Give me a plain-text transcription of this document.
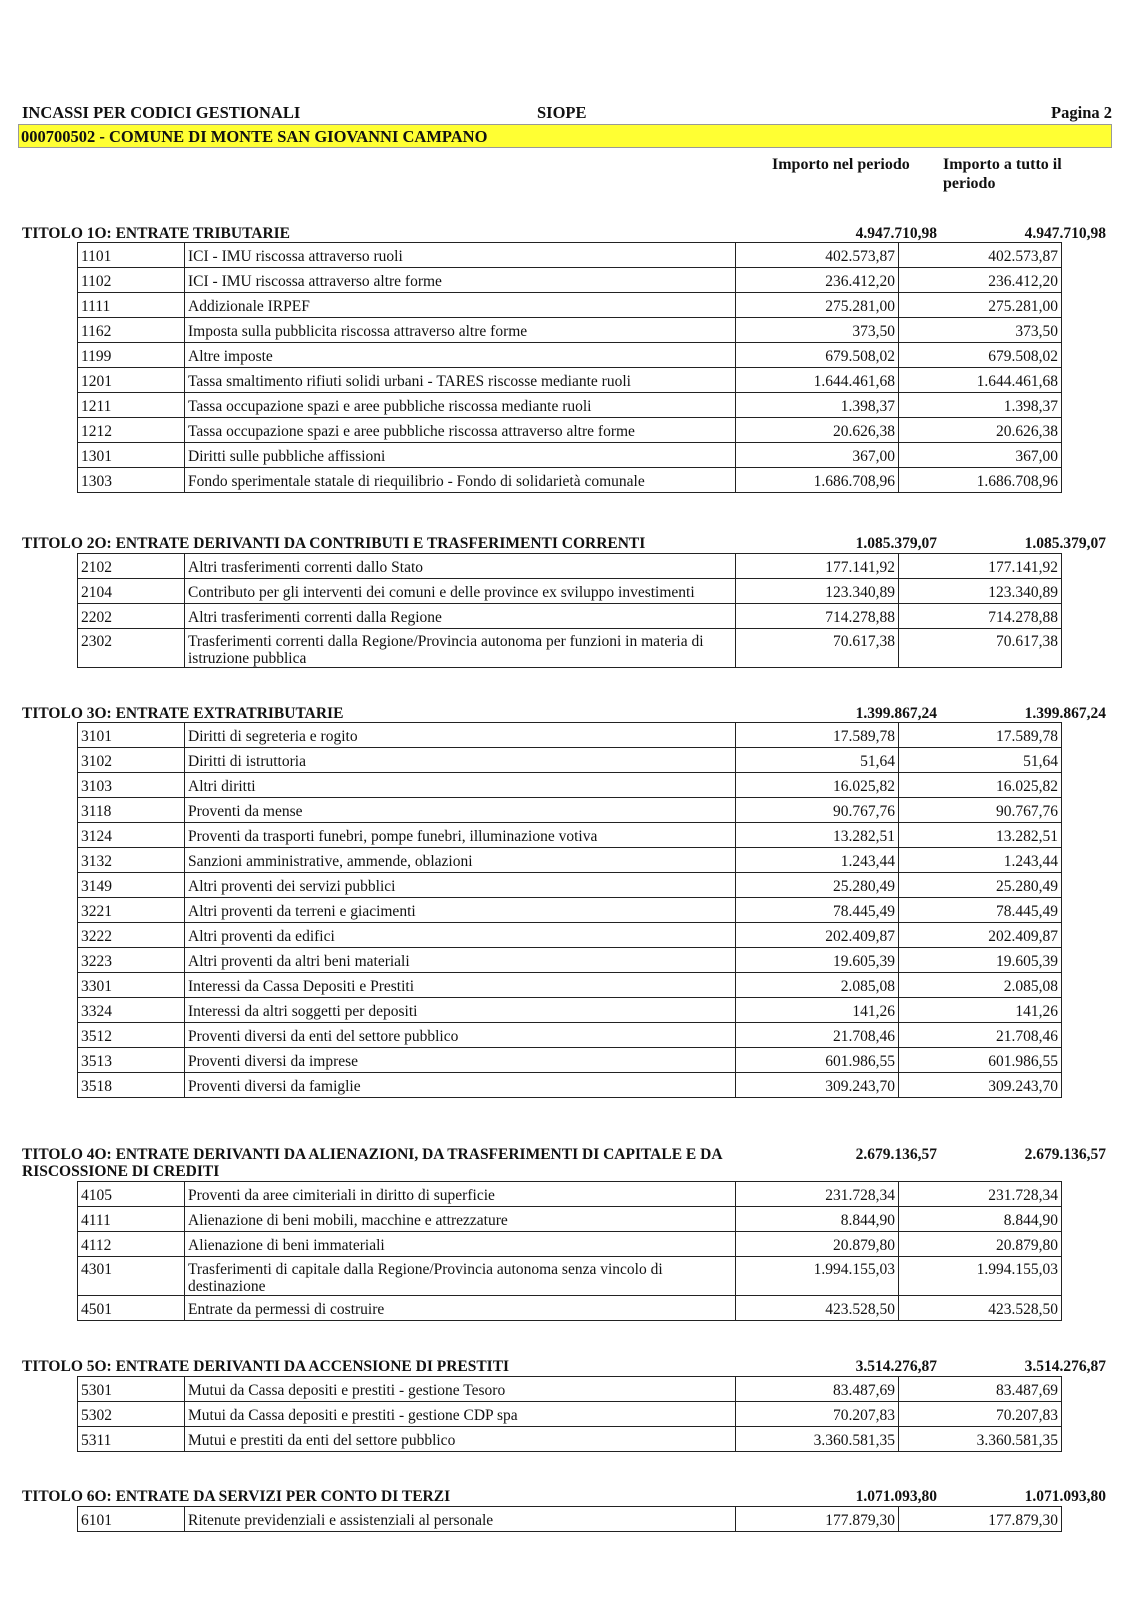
INCASSI PER CODICI GESTIONALI	SIOPE	Pagina 2
000700502 - COMUNE DI MONTE SAN GIOVANNI CAMPANO
Importo nel periodo Importo a tutto il periodo
TITOLO 1O: ENTRATE TRIBUTARIE	4.947.710,98	4.947.710,98
1101	ICI - IMU riscossa attraverso ruoli	402.573,87	402.573,87
1102	ICI - IMU riscossa attraverso altre forme	236.412,20	236.412,20
1111	Addizionale IRPEF	275.281,00	275.281,00
1162	Imposta sulla pubblicita riscossa attraverso altre forme	373,50	373,50
1199	Altre imposte	679.508,02	679.508,02
1201	Tassa smaltimento rifiuti solidi urbani - TARES riscosse mediante ruoli	1.644.461,68	1.644.461,68
1211	Tassa occupazione spazi e aree pubbliche riscossa mediante ruoli	1.398,37	1.398,37
1212	Tassa occupazione spazi e aree pubbliche riscossa attraverso altre forme	20.626,38	20.626,38
1301	Diritti sulle pubbliche affissioni	367,00	367,00
1303	Fondo sperimentale statale di riequilibrio - Fondo di solidarietà comunale	1.686.708,96	1.686.708,96
TITOLO 2O: ENTRATE DERIVANTI DA CONTRIBUTI E TRASFERIMENTI CORRENTI	1.085.379,07	1.085.379,07
2102	Altri trasferimenti correnti dallo Stato	177.141,92	177.141,92
2104	Contributo per gli interventi dei comuni e delle province ex sviluppo investimenti	123.340,89	123.340,89
2202	Altri trasferimenti correnti dalla Regione	714.278,88	714.278,88
2302	Trasferimenti correnti dalla Regione/Provincia autonoma per funzioni in materia di istruzione pubblica	70.617,38	70.617,38
TITOLO 3O: ENTRATE EXTRATRIBUTARIE	1.399.867,24	1.399.867,24
3101	Diritti di segreteria e rogito	17.589,78	17.589,78
3102	Diritti di istruttoria	51,64	51,64
3103	Altri diritti	16.025,82	16.025,82
3118	Proventi da mense	90.767,76	90.767,76
3124	Proventi da trasporti funebri, pompe funebri, illuminazione votiva	13.282,51	13.282,51
3132	Sanzioni amministrative, ammende, oblazioni	1.243,44	1.243,44
3149	Altri proventi dei servizi pubblici	25.280,49	25.280,49
3221	Altri proventi da terreni e giacimenti	78.445,49	78.445,49
3222	Altri proventi da edifici	202.409,87	202.409,87
3223	Altri proventi da altri beni materiali	19.605,39	19.605,39
3301	Interessi da Cassa Depositi e Prestiti	2.085,08	2.085,08
3324	Interessi da altri soggetti per depositi	141,26	141,26
3512	Proventi diversi da enti del settore pubblico	21.708,46	21.708,46
3513	Proventi diversi da imprese	601.986,55	601.986,55
3518	Proventi diversi da famiglie	309.243,70	309.243,70
TITOLO 4O: ENTRATE DERIVANTI DA ALIENAZIONI, DA TRASFERIMENTI DI CAPITALE E DA RISCOSSIONE DI CREDITI
2.679.136,57	2.679.136,57
4105	Proventi da aree cimiteriali in diritto di superficie	231.728,34	231.728,34
4111	Alienazione di beni mobili, macchine e attrezzature	8.844,90	8.844,90
4112	Alienazione di beni immateriali	20.879,80	20.879,80
4301	Trasferimenti di capitale dalla Regione/Provincia autonoma senza vincolo di destinazione	1.994.155,03	1.994.155,03
4501	Entrate da permessi di costruire	423.528,50	423.528,50
TITOLO 5O: ENTRATE DERIVANTI DA ACCENSIONE DI PRESTITI	3.514.276,87	3.514.276,87
5301	Mutui da Cassa depositi e prestiti - gestione Tesoro	83.487,69	83.487,69
5302	Mutui da Cassa depositi e prestiti - gestione CDP spa	70.207,83	70.207,83
5311	Mutui e prestiti da enti del settore pubblico	3.360.581,35	3.360.581,35
TITOLO 6O: ENTRATE DA SERVIZI PER CONTO DI TERZI	1.071.093,80	1.071.093,80
6101	Ritenute previdenziali e assistenziali al personale	177.879,30	177.879,30
